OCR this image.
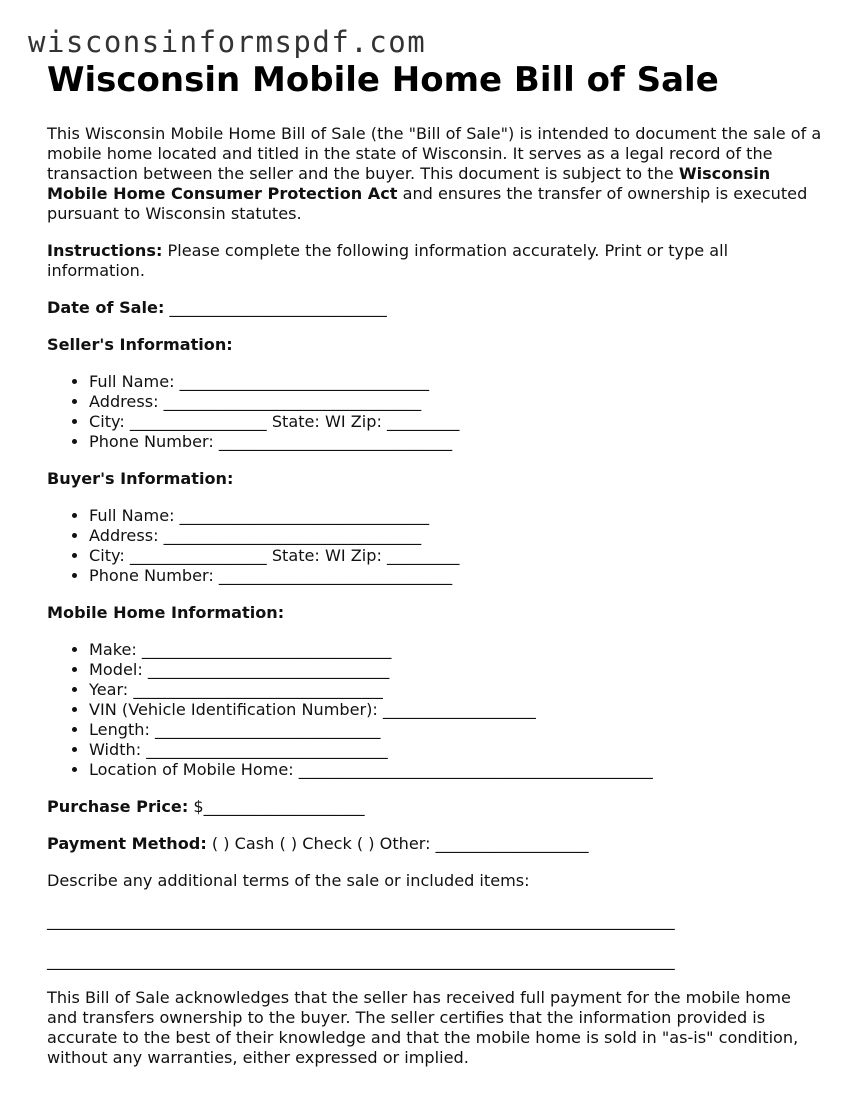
wisconsinformspdf.com
Wisconsin Mobile Home Bill of Sale

This Wisconsin Mobile Home Bill of Sale (the "Bill of Sale") is intended to document the sale of a mobile home located and titled in the state of Wisconsin. It serves as a legal record of the transaction between the seller and the buyer. This document is subject to the Wisconsin Mobile Home Consumer Protection Act and ensures the transfer of ownership is executed pursuant to Wisconsin statutes.

Instructions: Please complete the following information accurately. Print or type all information.

Date of Sale: ___________________________

Seller's Information:

• Full Name: _______________________________
• Address: ________________________________
• City: _________________ State: WI Zip: _________
• Phone Number: _____________________________

Buyer's Information:

• Full Name: _______________________________
• Address: ________________________________
• City: _________________ State: WI Zip: _________
• Phone Number: _____________________________

Mobile Home Information:

• Make: _______________________________
• Model: ______________________________
• Year: _______________________________
• VIN (Vehicle Identification Number): ___________________
• Length: ____________________________
• Width: ______________________________
• Location of Mobile Home: ____________________________________________

Purchase Price: $____________________

Payment Method: ( ) Cash ( ) Check ( ) Other: ___________________

Describe any additional terms of the sale or included items:

______________________________________________________________________________

______________________________________________________________________________

This Bill of Sale acknowledges that the seller has received full payment for the mobile home and transfers ownership to the buyer. The seller certifies that the information provided is accurate to the best of their knowledge and that the mobile home is sold in "as-is" condition, without any warranties, either expressed or implied.
